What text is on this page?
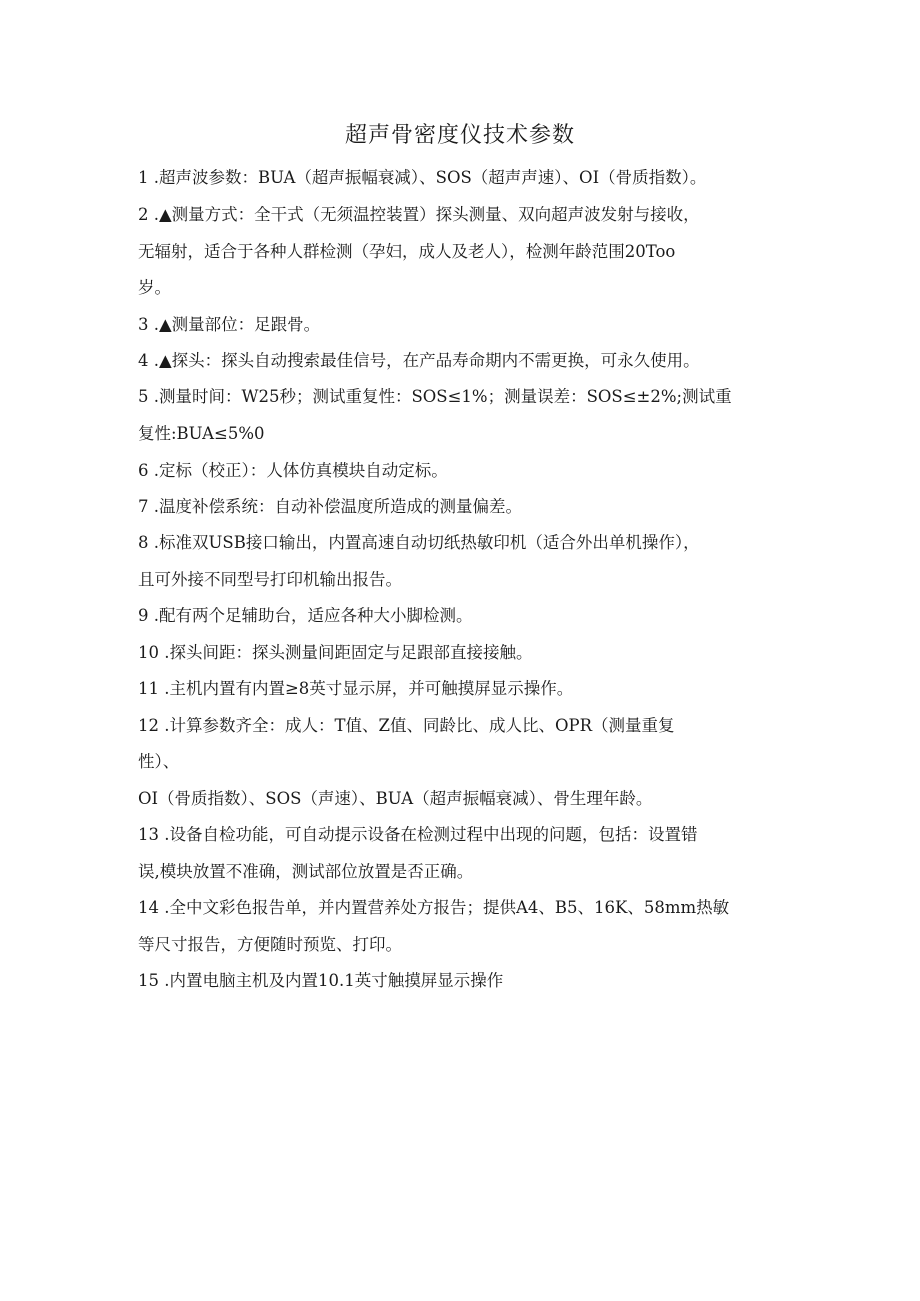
超声骨密度仪技术参数

1 .超声波参数：BUA（超声振幅衰减）、SOS（超声声速）、OI（骨质指数）。

2 .▲测量方式：全干式（无须温控装置）探头测量、双向超声波发射与接收，

无辐射，适合于各种人群检测（孕妇，成人及老人），检测年龄范围20Too

岁。

3 .▲测量部位：足跟骨。

4 .▲探头：探头自动搜索最佳信号，在产品寿命期内不需更换，可永久使用。

5 .测量时间：W25秒；测试重复性：SOS≤1%；测量误差：SOS≤±2%;测试重

复性:BUA≤5%0

6 .定标（校正）：人体仿真模块自动定标。

7 .温度补偿系统：自动补偿温度所造成的测量偏差。

8 .标准双USB接口输出，内置高速自动切纸热敏印机（适合外出单机操作），

且可外接不同型号打印机输出报告。

9 .配有两个足辅助台，适应各种大小脚检测。

10 .探头间距：探头测量间距固定与足跟部直接接触。

11 .主机内置有内置≥8英寸显示屏，并可触摸屏显示操作。

12 .计算参数齐全：成人：T值、Z值、同龄比、成人比、OPR（测量重复

性）、

OI（骨质指数）、SOS（声速）、BUA（超声振幅衰减）、骨生理年龄。

13 .设备自检功能，可自动提示设备在检测过程中出现的问题，包括：设置错

误,模块放置不准确，测试部位放置是否正确。

14 .全中文彩色报告单，并内置营养处方报告；提供A4、B5、16K、58mm热敏

等尺寸报告，方便随时预览、打印。

15 .内置电脑主机及内置10.1英寸触摸屏显示操作
